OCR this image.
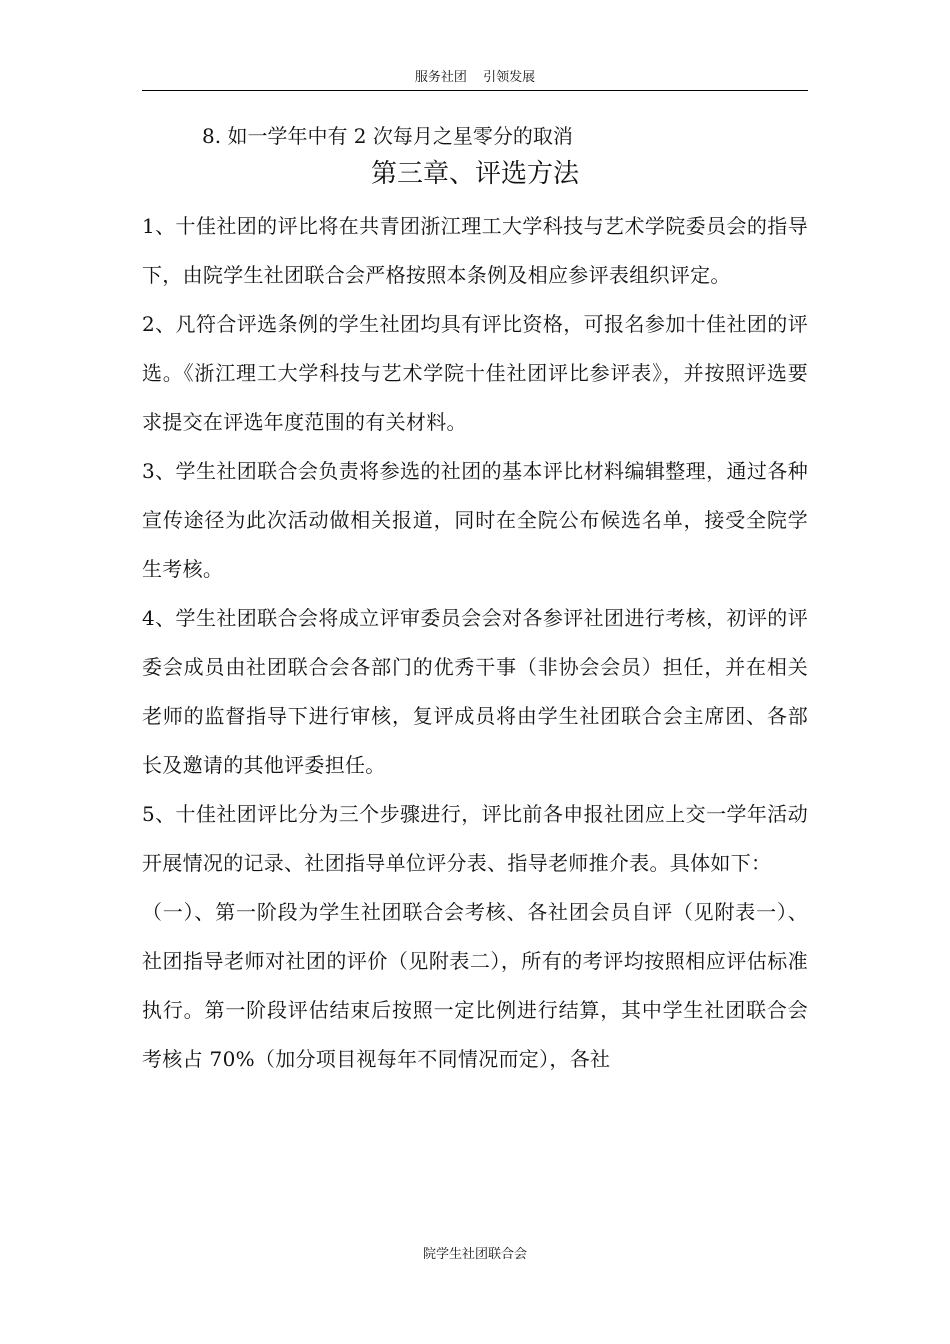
服务社团 引领发展
8. 如一学年中有 2 次每月之星零分的取消
第三章、评选方法

1、十佳社团的评比将在共青团浙江理工大学科技与艺术学院委员会的指导下，由院学生社团联合会严格按照本条例及相应参评表组织评定。

2、凡符合评选条例的学生社团均具有评比资格，可报名参加十佳社团的评选。《浙江理工大学科技与艺术学院十佳社团评比参评表》，并按照评选要求提交在评选年度范围的有关材料。

3、学生社团联合会负责将参选的社团的基本评比材料编辑整理，通过各种宣传途径为此次活动做相关报道，同时在全院公布候选名单，接受全院学生考核。

4、学生社团联合会将成立评审委员会会对各参评社团进行考核，初评的评委会成员由社团联合会各部门的优秀干事（非协会会员）担任，并在相关老师的监督指导下进行审核，复评成员将由学生社团联合会主席团、各部长及邀请的其他评委担任。

5、十佳社团评比分为三个步骤进行，评比前各申报社团应上交一学年活动开展情况的记录、社团指导单位评分表、指导老师推介表。具体如下：

（一）、第一阶段为学生社团联合会考核、各社团会员自评（见附表一）、社团指导老师对社团的评价（见附表二），所有的考评均按照相应评估标准执行。第一阶段评估结束后按照一定比例进行结算，其中学生社团联合会考核占 70%（加分项目视每年不同情况而定），各社

院学生社团联合会
